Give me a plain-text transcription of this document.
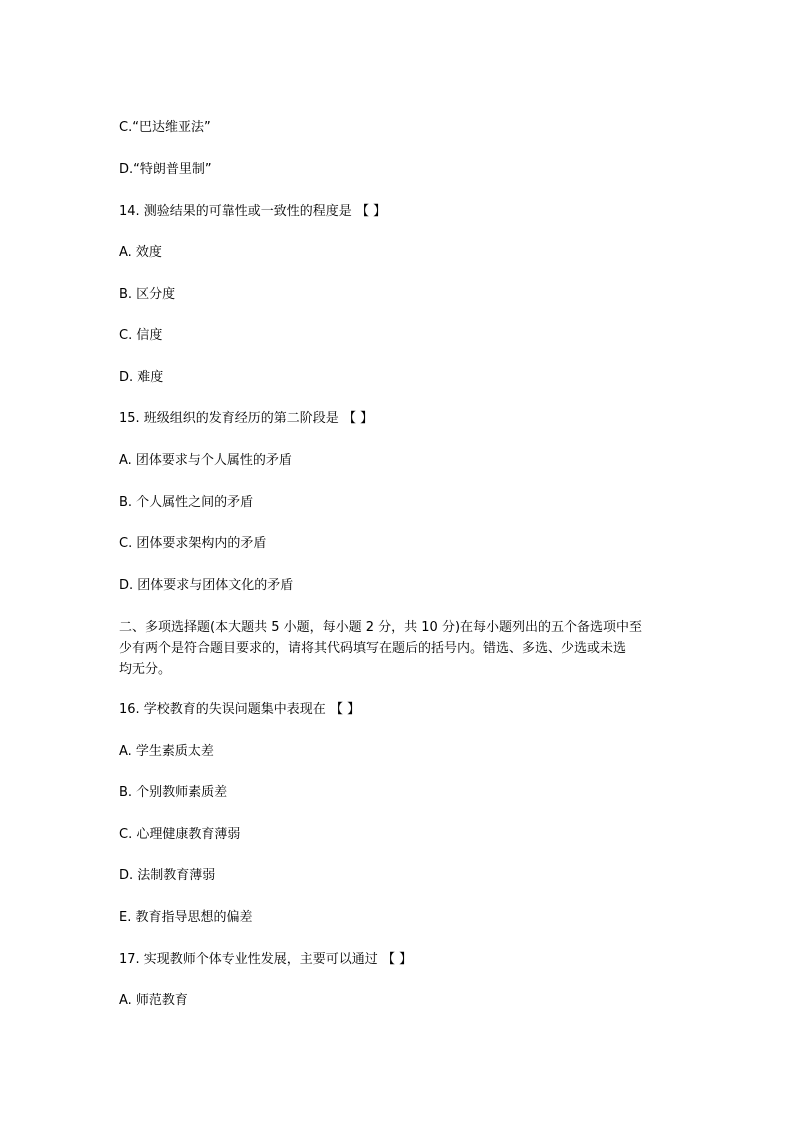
C.“巴达维亚法”
D.“特朗普里制”
14. 测验结果的可靠性或一致性的程度是 【 】
A. 效度
B. 区分度
C. 信度
D. 难度
15. 班级组织的发育经历的第二阶段是 【 】
A. 团体要求与个人属性的矛盾
B. 个人属性之间的矛盾
C. 团体要求架构内的矛盾
D. 团体要求与团体文化的矛盾
二、多项选择题(本大题共 5 小题，每小题 2 分，共 10 分)在每小题列出的五个备选项中至
少有两个是符合题目要求的，请将其代码填写在题后的括号内。错选、多选、少选或未选
均无分。
16. 学校教育的失误问题集中表现在 【 】
A. 学生素质太差
B. 个别教师素质差
C. 心理健康教育薄弱
D. 法制教育薄弱
E. 教育指导思想的偏差
17. 实现教师个体专业性发展，主要可以通过 【 】
A. 师范教育
